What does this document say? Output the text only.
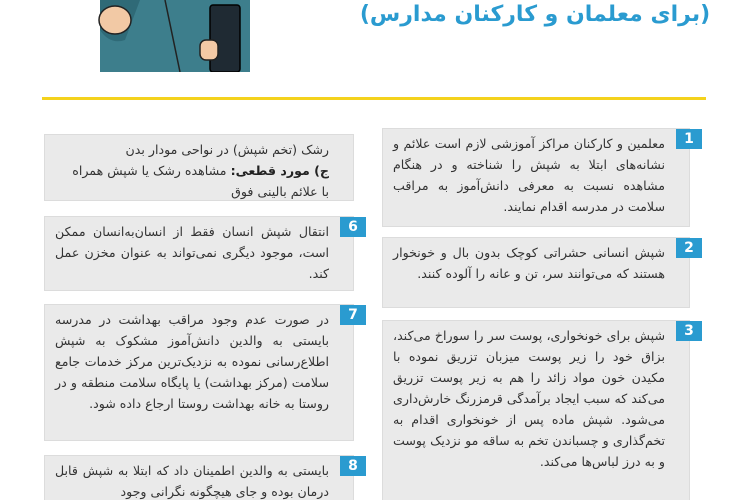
(برای معلمان و کارکنان مدارس)
1
معلمین و کارکنان مراکز آموزشی لازم است علائم و نشانه‌های ابتلا به شپش را شناخته و در هنگام مشاهده نسبت به معرفی دانش‌آموز به مراقب سلامت در مدرسه اقدام نمایند.
2
شپش انسانی حشراتی کوچک بدون بال و خونخوار هستند که می‌توانند سر، تن و عانه را آلوده کنند.
3
شپش برای خونخواری، پوست سر را سوراخ می‌کند، بزاق خود را زیر پوست میزبان تزریق نموده با مکیدن خون مواد زائد را هم به زیر پوست تزریق می‌کند که سبب ایجاد برآمدگی قرمزرنگ خارش‌داری می‌شود. شپش ماده پس از خونخواری اقدام به تخم‌گذاری و چسباندن تخم به ساقه مو نزدیک پوست و به درز لباس‌ها می‌کند.
رشک (تخم شپش) در نواحی مودار بدن
ج) مورد قطعی: مشاهده رشک یا شپش همراه
با علائم بالینی فوق
6
انتقال شپش انسان فقط از انسان‌به‌انسان ممکن است، موجود دیگری نمی‌تواند به عنوان مخزن عمل کند.
7
در صورت عدم وجود مراقب بهداشت در مدرسه بایستی به والدین دانش‌آموز مشکوک به شپش اطلاع‌رسانی نموده به نزدیک‌ترین مرکز خدمات جامع سلامت (مرکز بهداشت) یا پایگاه سلامت منطقه و در روستا به خانه بهداشت روستا ارجاع داده شود.
8
بایستی به والدین اطمینان داد که ابتلا به شپش قابل درمان بوده و جای هیچگونه نگرانی وجود
